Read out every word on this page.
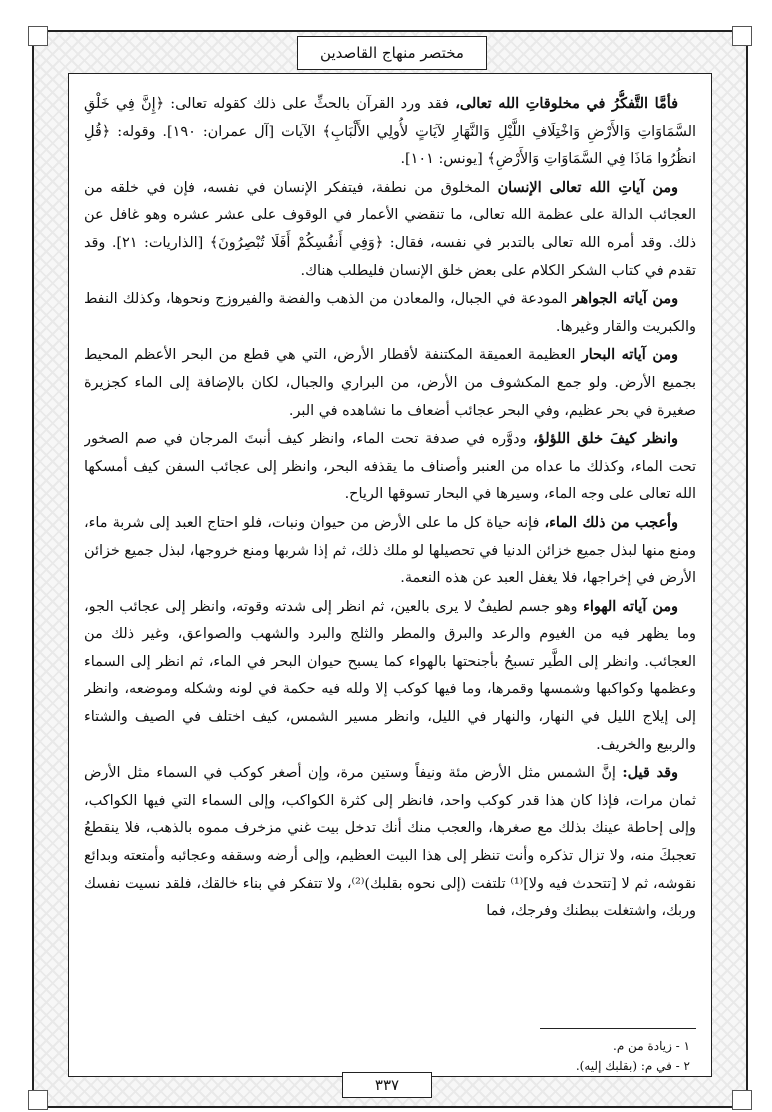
مختصر منهاج القاصدين

فأمَّا التَّفكُّرُ في مخلوقاتِ الله تعالى، فقد ورد القرآن بالحثِّ على ذلك كقوله تعالى: ﴿إِنَّ فِي خَلْقِ السَّمَاوَاتِ وَالأَرْضِ وَاخْتِلَافِ اللَّيْلِ وَالنَّهَارِ لآيَاتٍ لأُولِي الأَلْبَابِ﴾ الآيات [آل عمران: ١٩٠]. وقوله: ﴿قُلِ انظُرُوا مَاذَا فِي السَّمَاوَاتِ وَالأَرْضِ﴾ [يونس: ١٠١].

ومن آياتِ الله تعالى الإنسان المخلوق من نطفة، فيتفكر الإنسان في نفسه، فإن في خلقه من العجائب الدالة على عظمة الله تعالى، ما تنقضي الأعمار في الوقوف على عشر عشره وهو غافل عن ذلك. وقد أمره الله تعالى بالتدبر في نفسه، فقال: ﴿وَفِي أَنفُسِكُمْ أَفَلَا تُبْصِرُونَ﴾ [الذاريات: ٢١]. وقد تقدم في كتاب الشكر الكلام على بعض خلق الإنسان فليطلب هناك.

ومن آياته الجواهر المودعة في الجبال، والمعادن من الذهب والفضة والفيروزج ونحوها، وكذلك النفط والكبريت والقار وغيرها.

ومن آياته البحار العظيمة العميقة المكتنفة لأقطار الأرض، التي هي قطع من البحر الأعظم المحيط بجميع الأرض. ولو جمع المكشوف من الأرض، من البراري والجبال، لكان بالإضافة إلى الماء كجزيرة صغيرة في بحر عظيم، وفي البحر عجائب أضعاف ما نشاهده في البر.

وانظر كيفَ خلق اللؤلؤ، ودوَّره في صدفة تحت الماء، وانظر كيف أنبتَ المرجان في صم الصخور تحت الماء، وكذلك ما عداه من العنبر وأصناف ما يقذفه البحر، وانظر إلى عجائب السفن كيف أمسكها الله تعالى على وجه الماء، وسيرها في البحار تسوقها الرياح.

وأعجب من ذلك الماء، فإنه حياة كل ما على الأرض من حيوان ونبات، فلو احتاج العبد إلى شربة ماء، ومنع منها لبذل جميع خزائن الدنيا في تحصيلها لو ملك ذلك، ثم إذا شربها ومنع خروجها، لبذل جميع خزائن الأرض في إخراجها، فلا يغفل العبد عن هذه النعمة.

ومن آياته الهواء وهو جسم لطيفٌ لا يرى بالعين، ثم انظر إلى شدته وقوته، وانظر إلى عجائب الجو، وما يظهر فيه من الغيوم والرعد والبرق والمطر والثلج والبرد والشهب والصواعق، وغير ذلك من العجائب. وانظر إلى الطَّير تسبحُ بأجنحتها بالهواء كما يسبح حيوان البحر في الماء، ثم انظر إلى السماء وعظمها وكواكبها وشمسها وقمرها، وما فيها كوكب إلا ولله فيه حكمة في لونه وشكله وموضعه، وانظر إلى إيلاج الليل في النهار، والنهار في الليل، وانظر مسير الشمس، كيف اختلف في الصيف والشتاء والربيع والخريف.

وقد قيل: إنَّ الشمس مثل الأرض مئة ونيفاً وستين مرة، وإن أصغر كوكب في السماء مثل الأرض ثمان مرات، فإذا كان هذا قدر كوكب واحد، فانظر إلى كثرة الكواكب، وإلى السماء التي فيها الكواكب، وإلى إحاطة عينك بذلك مع صغرها، والعجب منك أنك تدخل بيت غني مزخرف مموه بالذهب، فلا ينقطعُ تعجبكَ منه، ولا تزال تذكره وأنت تنظر إلى هذا البيت العظيم، وإلى أرضه وسقفه وعجائبه وأمتعته وبدائع نقوشه، ثم لا [تتحدث فيه ولا]⁽¹⁾ تلتفت (إلى نحوه بقلبك)⁽²⁾، ولا تتفكر في بناء خالقك، فلقد نسيت نفسك وربك، واشتغلت ببطنك وفرجك، فما

١ - زيادة من م.
٢ - في م: (بقلبك إليه).
٣٣٧
